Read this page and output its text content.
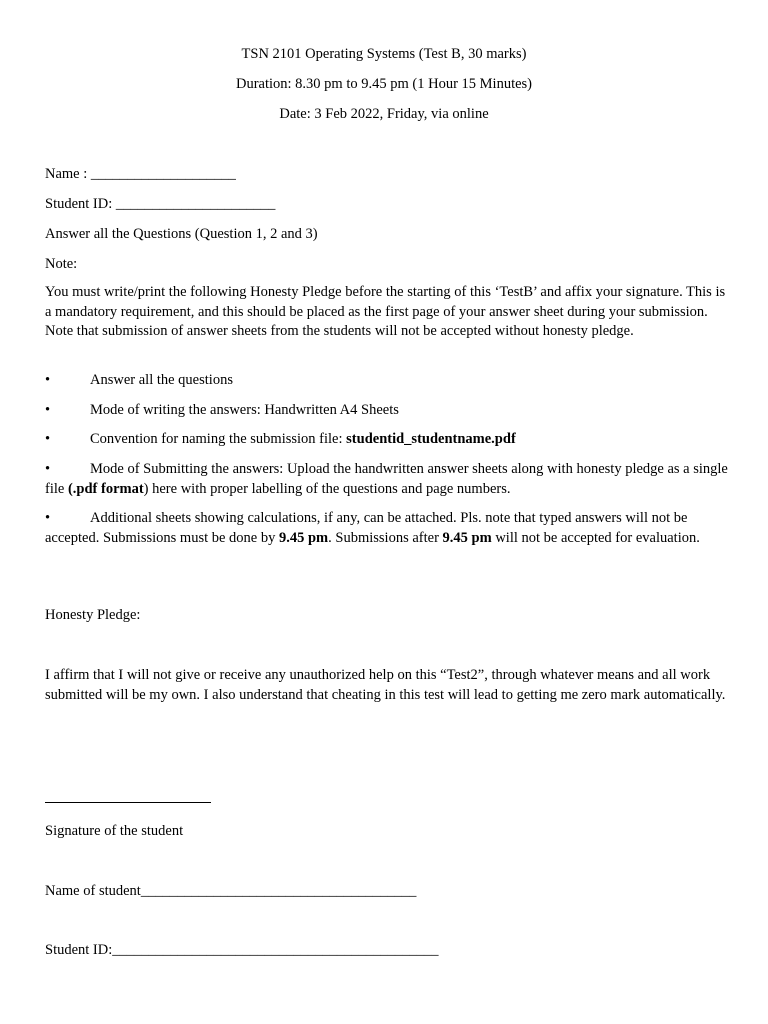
TSN 2101 Operating Systems (Test B, 30 marks)
Duration: 8.30 pm to 9.45 pm (1 Hour 15 Minutes)
Date: 3 Feb 2022, Friday, via online
Name : ____________________
Student ID: ______________________
Answer all the Questions (Question 1, 2 and 3)
Note:
You must write/print the following Honesty Pledge before the starting of this ‘TestB’ and affix your signature. This is a mandatory requirement, and this should be placed as the first page of your answer sheet during your submission. Note that submission of answer sheets from the students will not be accepted without honesty pledge.
•	Answer all the questions
•	Mode of writing the answers: Handwritten A4 Sheets
•	Convention for naming the submission file: studentid_studentname.pdf
•	Mode of Submitting the answers: Upload the handwritten answer sheets along with honesty pledge as a single file (.pdf format) here with proper labelling of the questions and page numbers.
•	Additional sheets showing calculations, if any, can be attached. Pls. note that typed answers will not be accepted. Submissions must be done by 9.45 pm. Submissions after 9.45 pm will not be accepted for evaluation.
Honesty Pledge:
I affirm that I will not give or receive any unauthorized help on this “Test2”, through whatever means and all work submitted will be my own. I also understand that cheating in this test will lead to getting me zero mark automatically.
Signature of the student
Name of student______________________________________
Student ID:_____________________________________________
